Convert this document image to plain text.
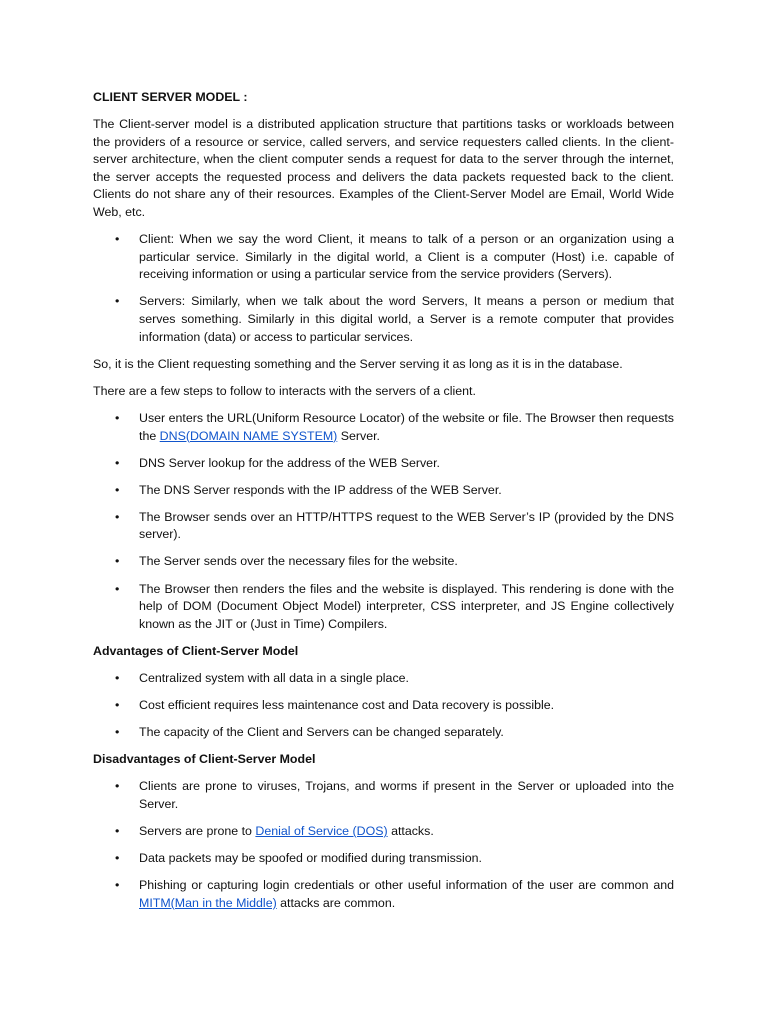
CLIENT SERVER MODEL :

The Client-server model is a distributed application structure that partitions tasks or workloads between the providers of a resource or service, called servers, and service requesters called clients. In the client-server architecture, when the client computer sends a request for data to the server through the internet, the server accepts the requested process and delivers the data packets requested back to the client. Clients do not share any of their resources. Examples of the Client-Server Model are Email, World Wide Web, etc.

•	Client: When we say the word Client, it means to talk of a person or an organization using a particular service. Similarly in the digital world, a Client is a computer (Host) i.e. capable of receiving information or using a particular service from the service providers (Servers).
•	Servers: Similarly, when we talk about the word Servers, It means a person or medium that serves something. Similarly in this digital world, a Server is a remote computer that provides information (data) or access to particular services.

So, it is the Client requesting something and the Server serving it as long as it is in the database.

There are a few steps to follow to interacts with the servers of a client.

•	User enters the URL(Uniform Resource Locator) of the website or file. The Browser then requests the DNS(DOMAIN NAME SYSTEM) Server.
•	DNS Server lookup for the address of the WEB Server.
•	The DNS Server responds with the IP address of the WEB Server.
•	The Browser sends over an HTTP/HTTPS request to the WEB Server’s IP (provided by the DNS server).
•	The Server sends over the necessary files for the website.
•	The Browser then renders the files and the website is displayed. This rendering is done with the help of DOM (Document Object Model) interpreter, CSS interpreter, and JS Engine collectively known as the JIT or (Just in Time) Compilers.
Advantages of Client-Server Model
•	Centralized system with all data in a single place.
•	Cost efficient requires less maintenance cost and Data recovery is possible.
•	The capacity of the Client and Servers can be changed separately.
Disadvantages of Client-Server Model
•	Clients are prone to viruses, Trojans, and worms if present in the Server or uploaded into the Server.
•	Servers are prone to Denial of Service (DOS) attacks.
•	Data packets may be spoofed or modified during transmission.
•	Phishing or capturing login credentials or other useful information of the user are common and MITM(Man in the Middle) attacks are common.
